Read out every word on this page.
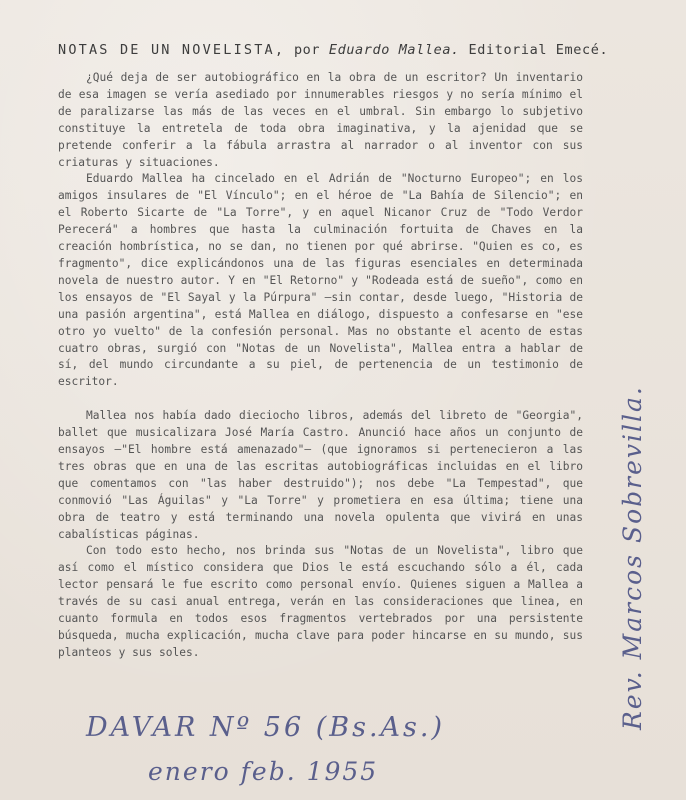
NOTAS DE UN NOVELISTA, por Eduardo Mallea. Editorial Emecé.

¿Qué deja de ser autobiográfico en la obra de un escritor? Un inventario de esa imagen se vería asediado por innumerables riesgos y no sería mínimo el de paralizarse las más de las veces en el umbral. Sin embargo lo subjetivo constituye la entretela de toda obra imaginativa, y la ajenidad que se pretende conferir a la fábula arrastra al narrador o al inventor con sus criaturas y situaciones.

Eduardo Mallea ha cincelado en el Adrián de "Nocturno Europeo"; en los amigos insulares de "El Vínculo"; en el héroe de "La Bahía de Silencio"; en el Roberto Sicarte de "La Torre", y en aquel Nicanor Cruz de "Todo Verdor Perecerá" a hombres que hasta la culminación fortuita de Chaves en la creación hombrística, no se dan, no tienen por qué abrirse. "Quien es co, es fragmento", dice explicándonos una de las figuras esenciales en determinada novela de nuestro autor. Y en "El Retorno" y "Rodeada está de sueño", como en los ensayos de "El Sayal y la Púrpura" —sin contar, desde luego, "Historia de una pasión argentina", está Mallea en diálogo, dispuesto a confesarse en "ese otro yo vuelto" de la confesión personal. Mas no obstante el acento de estas cuatro obras, surgió con "Notas de un Novelista", Mallea entra a hablar de sí, del mundo circundante a su piel, de pertenencia de un testimonio de escritor.

Mallea nos había dado dieciocho libros, además del libreto de "Georgia", ballet que musicalizara José María Castro. Anunció hace años un conjunto de ensayos —"El hombre está amenazado"— (que ignoramos si pertenecieron a las tres obras que en una de las escritas autobiográficas incluidas en el libro que comentamos con "las haber destruido"); nos debe "La Tempestad", que conmovió "Las Águilas" y "La Torre" y prometiera en esa última; tiene una obra de teatro y está terminando una novela opulenta que vivirá en unas cabalísticas páginas.

Con todo esto hecho, nos brinda sus "Notas de un Novelista", libro que así como el místico considera que Dios le está escuchando sólo a él, cada lector pensará le fue escrito como personal envío. Quienes siguen a Mallea a través de su casi anual entrega, verán en las consideraciones que linea, en cuanto formula en todos esos fragmentos vertebrados por una persistente búsqueda, mucha explicación, mucha clave para poder hincarse en su mundo, sus planteos y sus soles.	Rev. Marcos Sobrevilla.
DAVAR Nº 56 (Bs.As.)
enero feb. 1955
